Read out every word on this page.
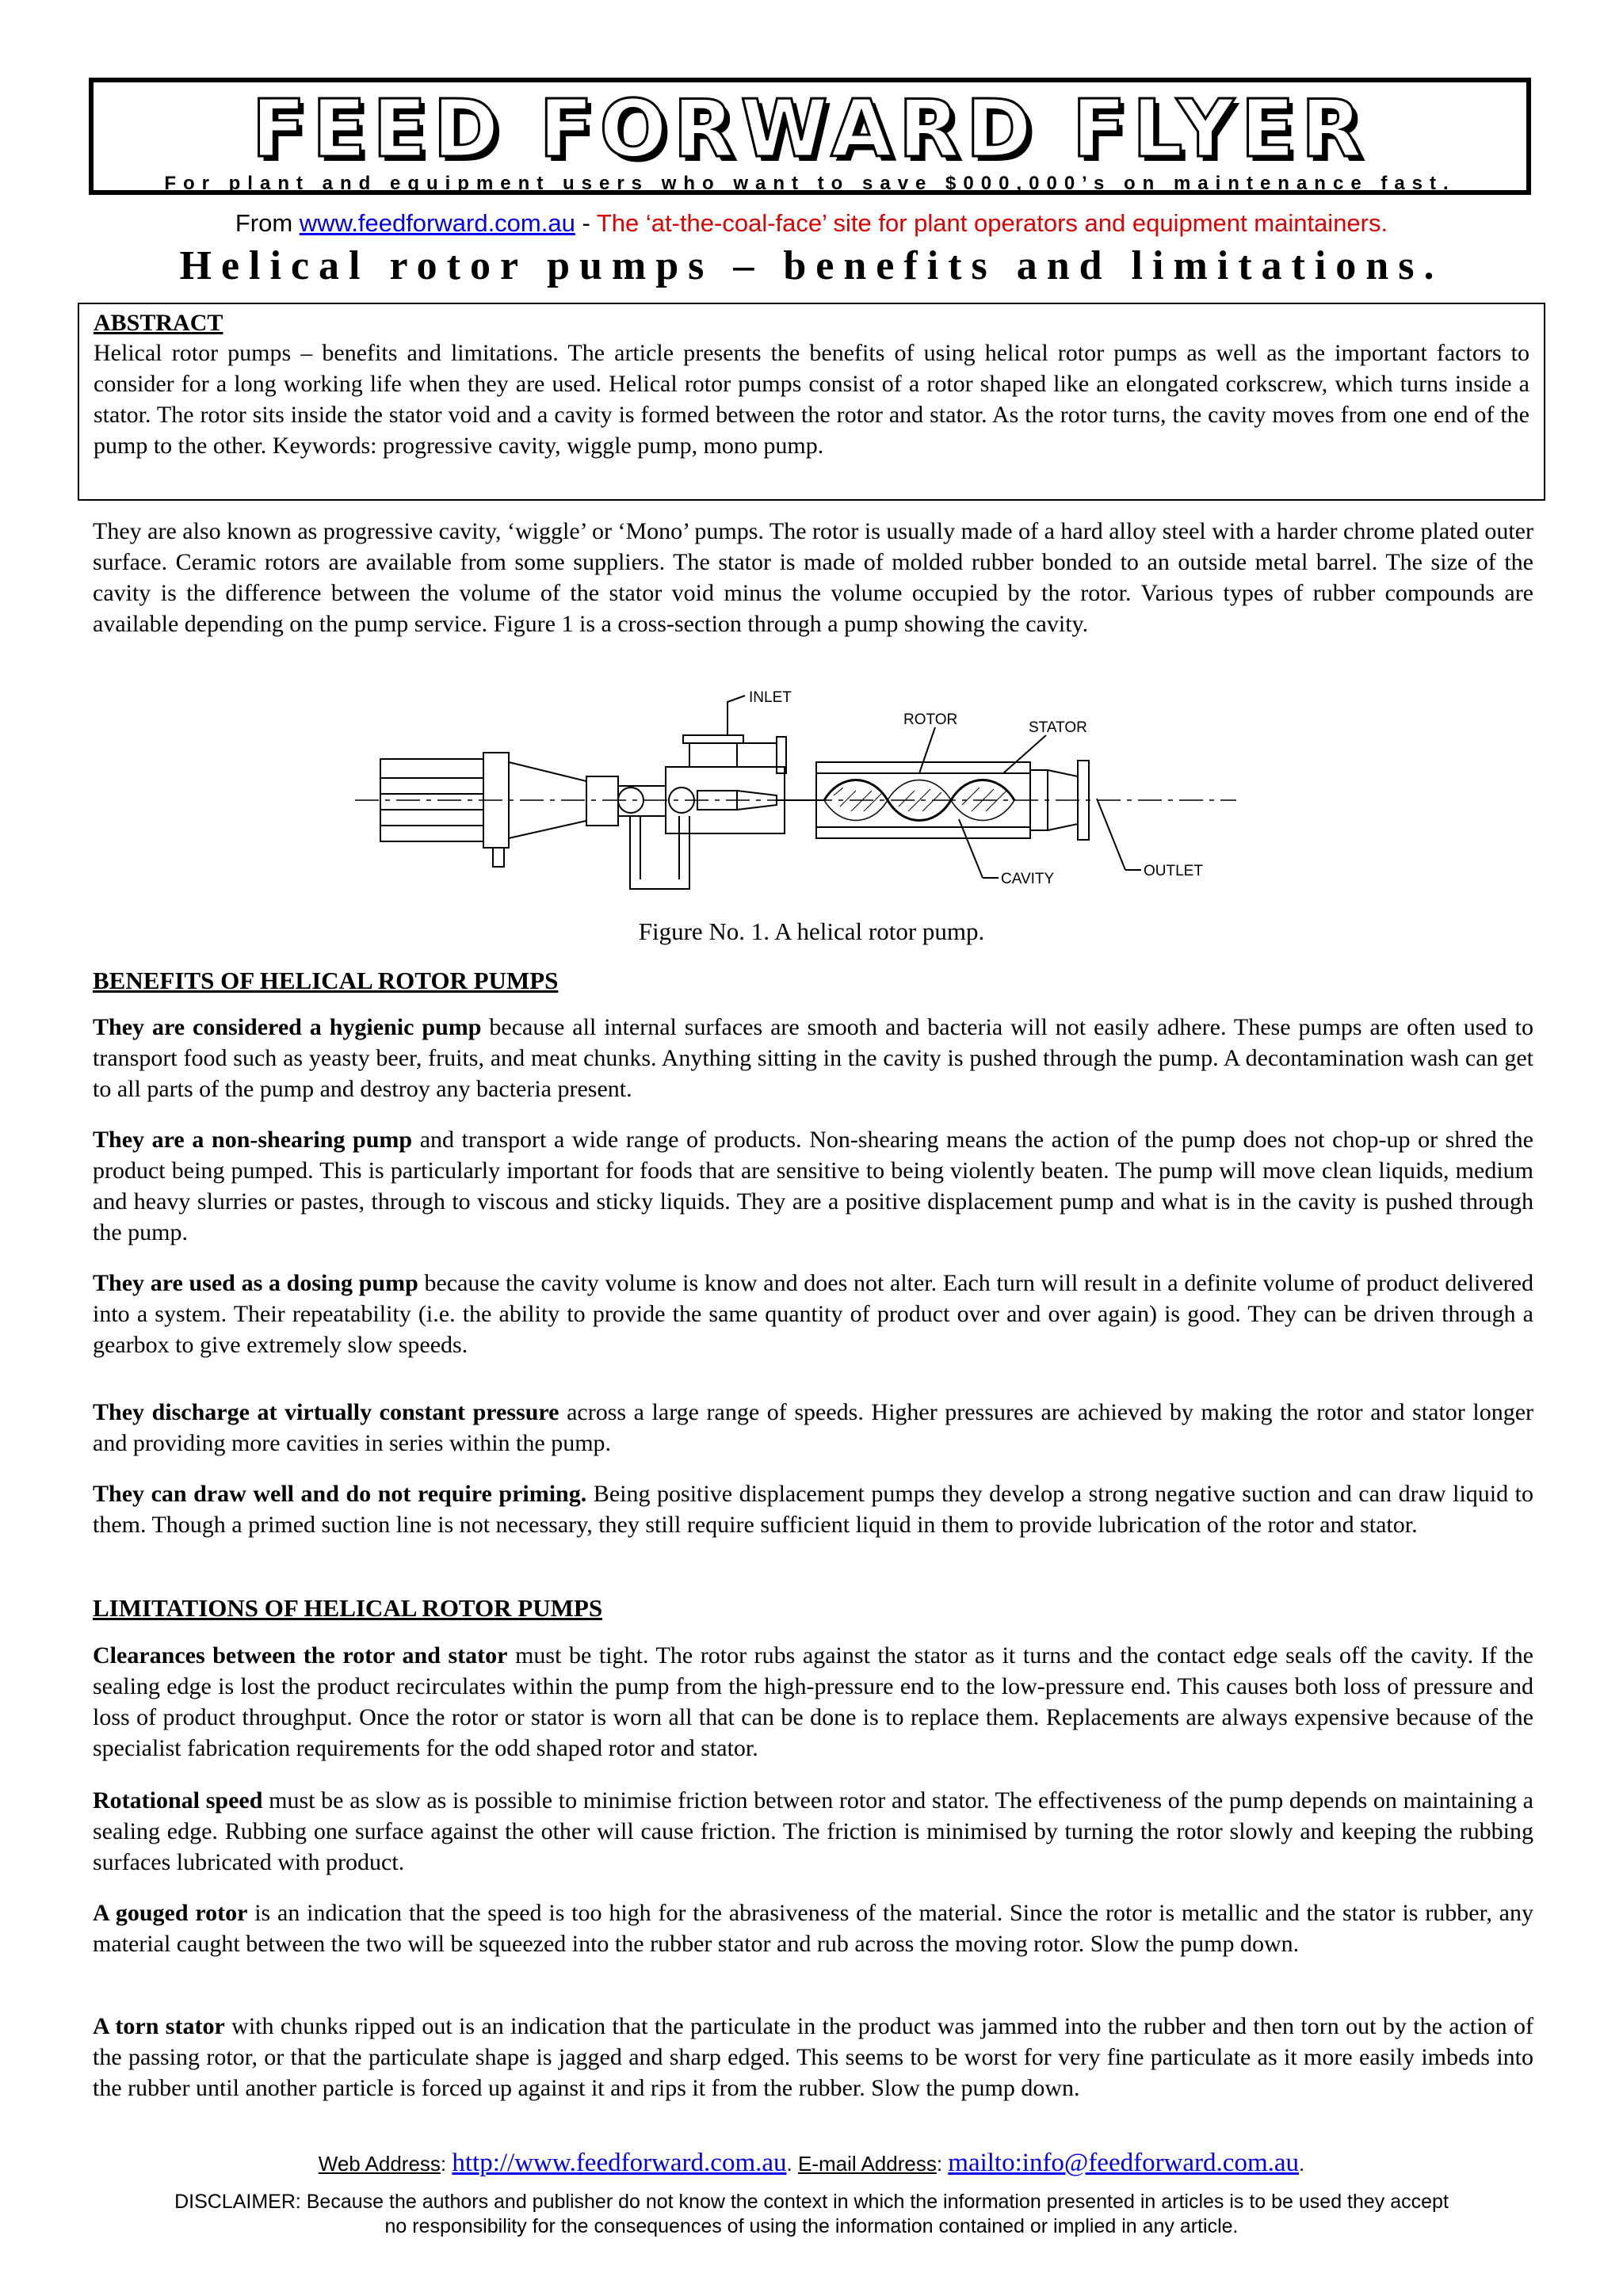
FEED FORWARD FLYER
For plant and equipment users who want to save $000,000’s on maintenance fast.
From www.feedforward.com.au - The ‘at-the-coal-face’ site for plant operators and equipment maintainers.
Helical rotor pumps – benefits and limitations.
ABSTRACT
Helical rotor pumps – benefits and limitations. The article presents the benefits of using helical rotor pumps as well as the important factors to consider for a long working life when they are used. Helical rotor pumps consist of a rotor shaped like an elongated corkscrew, which turns inside a stator. The rotor sits inside the stator void and a cavity is formed between the rotor and stator. As the rotor turns, the cavity moves from one end of the pump to the other. Keywords: progressive cavity, wiggle pump, mono pump.

They are also known as progressive cavity, ‘wiggle’ or ‘Mono’ pumps. The rotor is usually made of a hard alloy steel with a harder chrome plated outer surface. Ceramic rotors are available from some suppliers. The stator is made of molded rubber bonded to an outside metal barrel. The size of the cavity is the difference between the volume of the stator void minus the volume occupied by the rotor. Various types of rubber compounds are available depending on the pump service. Figure 1 is a cross-section through a pump showing the cavity.

INLET
ROTOR	STATOR
OUTLET
CAVITY
Figure No. 1. A helical rotor pump.
BENEFITS OF HELICAL ROTOR PUMPS

They are considered a hygienic pump because all internal surfaces are smooth and bacteria will not easily adhere. These pumps are often used to transport food such as yeasty beer, fruits, and meat chunks. Anything sitting in the cavity is pushed through the pump. A decontamination wash can get to all parts of the pump and destroy any bacteria present.

They are a non-shearing pump and transport a wide range of products. Non-shearing means the action of the pump does not chop-up or shred the product being pumped. This is particularly important for foods that are sensitive to being violently beaten. The pump will move clean liquids, medium and heavy slurries or pastes, through to viscous and sticky liquids. They are a positive displacement pump and what is in the cavity is pushed through the pump.

They are used as a dosing pump because the cavity volume is know and does not alter. Each turn will result in a definite volume of product delivered into a system. Their repeatability (i.e. the ability to provide the same quantity of product over and over again) is good. They can be driven through a gearbox to give extremely slow speeds.

They discharge at virtually constant pressure across a large range of speeds. Higher pressures are achieved by making the rotor and stator longer and providing more cavities in series within the pump.

They can draw well and do not require priming. Being positive displacement pumps they develop a strong negative suction and can draw liquid to them. Though a primed suction line is not necessary, they still require sufficient liquid in them to provide lubrication of the rotor and stator.

LIMITATIONS OF HELICAL ROTOR PUMPS

Clearances between the rotor and stator must be tight. The rotor rubs against the stator as it turns and the contact edge seals off the cavity. If the sealing edge is lost the product recirculates within the pump from the high-pressure end to the low-pressure end. This causes both loss of pressure and loss of product throughput. Once the rotor or stator is worn all that can be done is to replace them. Replacements are always expensive because of the specialist fabrication requirements for the odd shaped rotor and stator.

Rotational speed must be as slow as is possible to minimise friction between rotor and stator. The effectiveness of the pump depends on maintaining a sealing edge. Rubbing one surface against the other will cause friction. The friction is minimised by turning the rotor slowly and keeping the rubbing surfaces lubricated with product.

A gouged rotor is an indication that the speed is too high for the abrasiveness of the material. Since the rotor is metallic and the stator is rubber, any material caught between the two will be squeezed into the rubber stator and rub across the moving rotor. Slow the pump down.

A torn stator with chunks ripped out is an indication that the particulate in the product was jammed into the rubber and then torn out by the action of the passing rotor, or that the particulate shape is jagged and sharp edged. This seems to be worst for very fine particulate as it more easily imbeds into the rubber until another particle is forced up against it and rips it from the rubber. Slow the pump down.

Web Address: http://www.feedforward.com.au. E-mail Address: mailto:info@feedforward.com.au.
DISCLAIMER: Because the authors and publisher do not know the context in which the information presented in articles is to be used they accept no responsibility for the consequences of using the information contained or implied in any article.
